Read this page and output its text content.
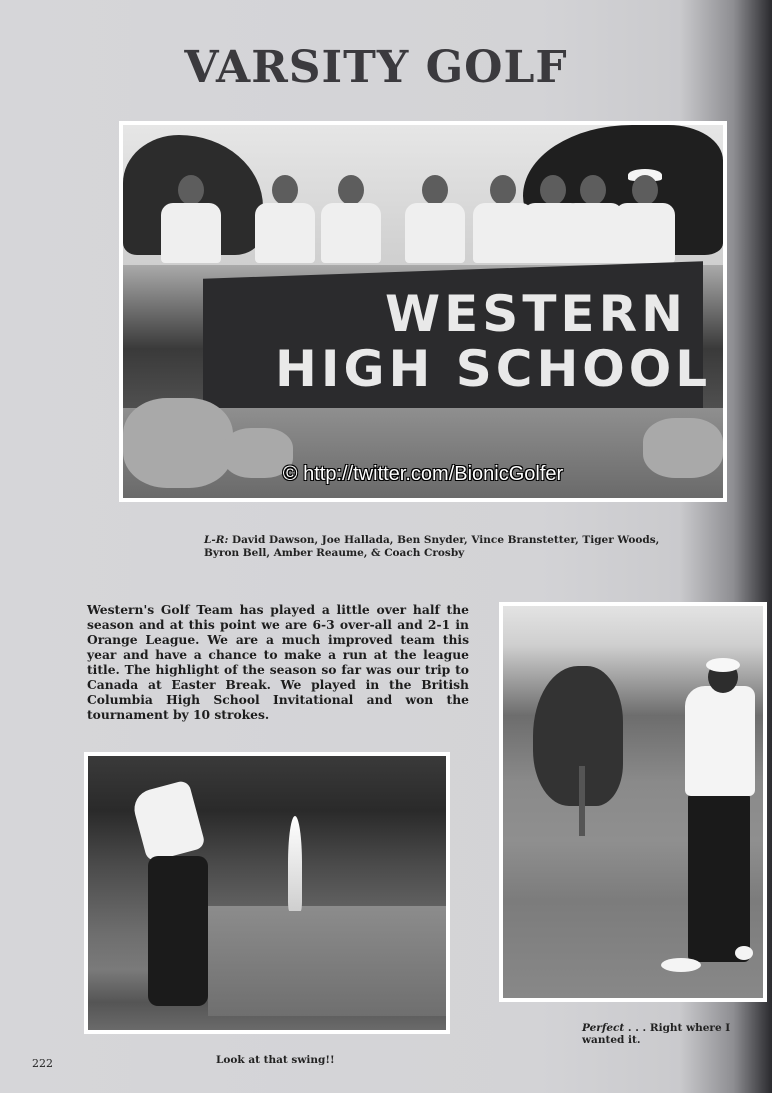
VARSITY GOLF
WESTERN
HIGH SCHOOL
© http://twitter.com/BionicGolfer
L-R: David Dawson, Joe Hallada, Ben Snyder, Vince Branstetter, Tiger Woods, Byron Bell, Amber Reaume, & Coach Crosby
Western's Golf Team has played a little over half the season and at this point we are 6-3 over-all and 2-1 in Orange League. We are a much improved team this year and have a chance to make a run at the league title. The highlight of the season so far was our trip to Canada at Easter Break. We played in the British Columbia High School Invitational and won the tournament by 10 strokes.
Perfect . . . Right where I wanted it.
Look at that swing!!
222
